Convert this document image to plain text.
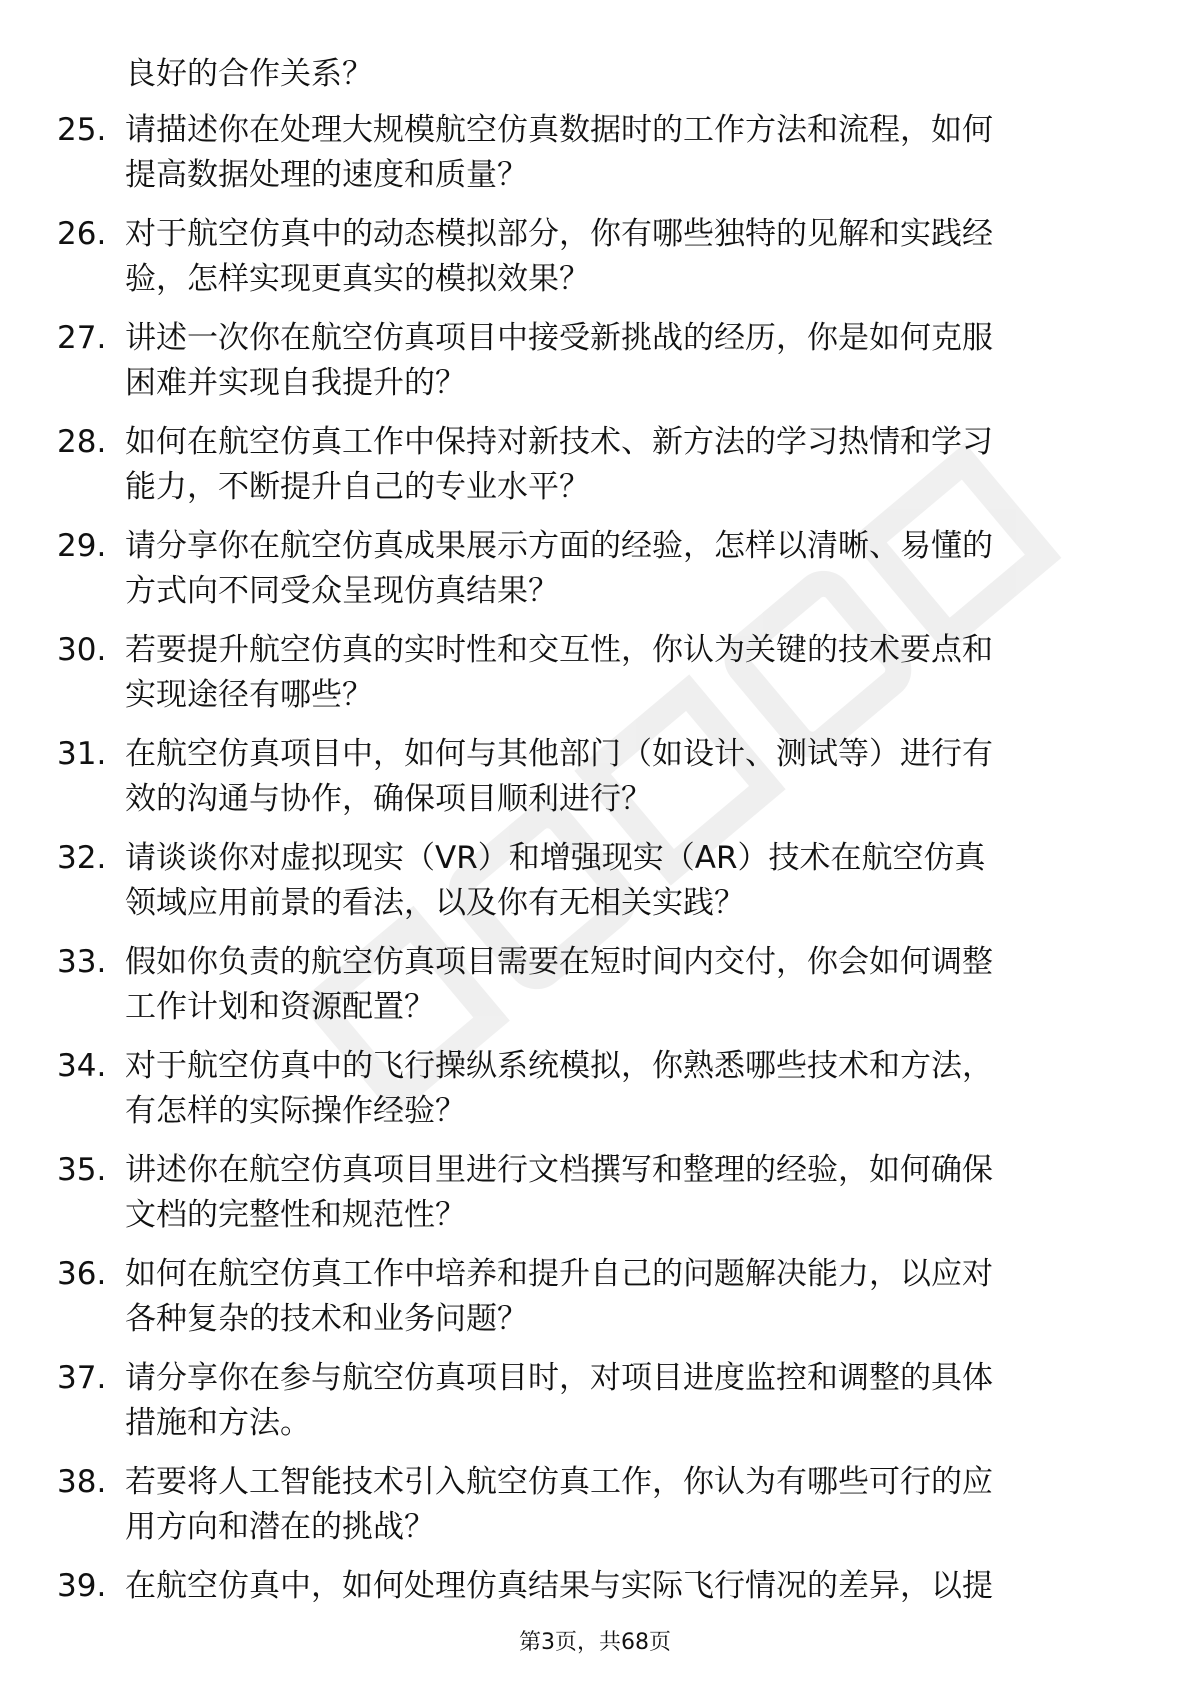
良好的合作关系？
25. 请描述你在处理大规模航空仿真数据时的工作方法和流程，如何
提高数据处理的速度和质量？
26. 对于航空仿真中的动态模拟部分，你有哪些独特的见解和实践经
验，怎样实现更真实的模拟效果？
27. 讲述一次你在航空仿真项目中接受新挑战的经历，你是如何克服
困难并实现自我提升的？
28. 如何在航空仿真工作中保持对新技术、新方法的学习热情和学习
能力，不断提升自己的专业水平？
29. 请分享你在航空仿真成果展示方面的经验，怎样以清晰、易懂的
方式向不同受众呈现仿真结果？
30. 若要提升航空仿真的实时性和交互性，你认为关键的技术要点和
实现途径有哪些？
31. 在航空仿真项目中，如何与其他部门（如设计、测试等）进行有
效的沟通与协作，确保项目顺利进行？
32. 请谈谈你对虚拟现实（VR）和增强现实（AR）技术在航空仿真
领域应用前景的看法，以及你有无相关实践？
33. 假如你负责的航空仿真项目需要在短时间内交付，你会如何调整
工作计划和资源配置？
34. 对于航空仿真中的飞行操纵系统模拟，你熟悉哪些技术和方法，
有怎样的实际操作经验？
35. 讲述你在航空仿真项目里进行文档撰写和整理的经验，如何确保
文档的完整性和规范性？
36. 如何在航空仿真工作中培养和提升自己的问题解决能力，以应对
各种复杂的技术和业务问题？
37. 请分享你在参与航空仿真项目时，对项目进度监控和调整的具体
措施和方法。
38. 若要将人工智能技术引入航空仿真工作，你认为有哪些可行的应
用方向和潜在的挑战？
39. 在航空仿真中，如何处理仿真结果与实际飞行情况的差异，以提
第3页，共68页
